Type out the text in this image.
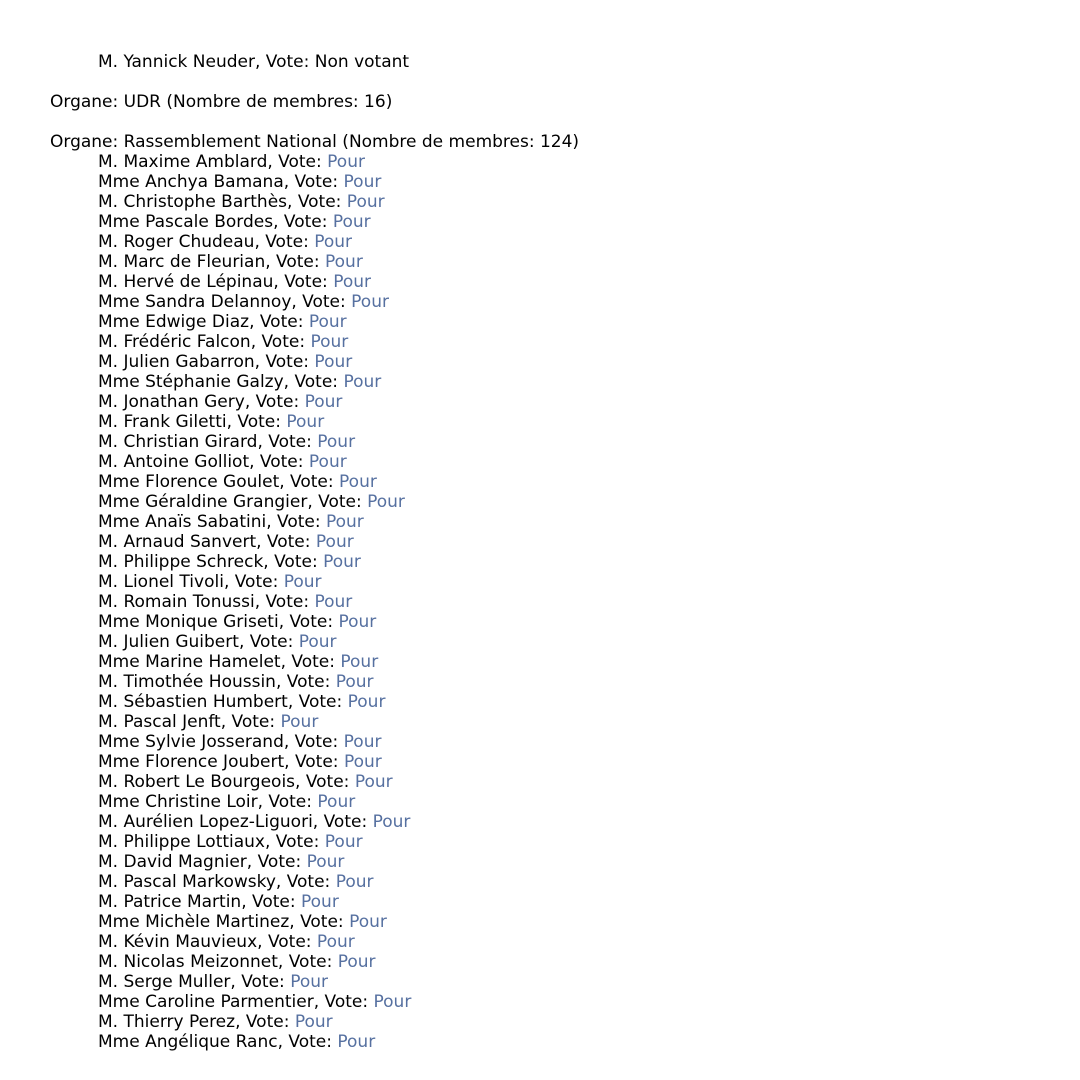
M. Yannick Neuder, Vote: Non votant
Organe: UDR (Nombre de membres: 16)
Organe: Rassemblement National (Nombre de membres: 124)
M. Maxime Amblard, Vote: Pour
Mme Anchya Bamana, Vote: Pour
M. Christophe Barthès, Vote: Pour
Mme Pascale Bordes, Vote: Pour
M. Roger Chudeau, Vote: Pour
M. Marc de Fleurian, Vote: Pour
M. Hervé de Lépinau, Vote: Pour
Mme Sandra Delannoy, Vote: Pour
Mme Edwige Diaz, Vote: Pour
M. Frédéric Falcon, Vote: Pour
M. Julien Gabarron, Vote: Pour
Mme Stéphanie Galzy, Vote: Pour
M. Jonathan Gery, Vote: Pour
M. Frank Giletti, Vote: Pour
M. Christian Girard, Vote: Pour
M. Antoine Golliot, Vote: Pour
Mme Florence Goulet, Vote: Pour
Mme Géraldine Grangier, Vote: Pour
Mme Anaïs Sabatini, Vote: Pour
M. Arnaud Sanvert, Vote: Pour
M. Philippe Schreck, Vote: Pour
M. Lionel Tivoli, Vote: Pour
M. Romain Tonussi, Vote: Pour
Mme Monique Griseti, Vote: Pour
M. Julien Guibert, Vote: Pour
Mme Marine Hamelet, Vote: Pour
M. Timothée Houssin, Vote: Pour
M. Sébastien Humbert, Vote: Pour
M. Pascal Jenft, Vote: Pour
Mme Sylvie Josserand, Vote: Pour
Mme Florence Joubert, Vote: Pour
M. Robert Le Bourgeois, Vote: Pour
Mme Christine Loir, Vote: Pour
M. Aurélien Lopez-Liguori, Vote: Pour
M. Philippe Lottiaux, Vote: Pour
M. David Magnier, Vote: Pour
M. Pascal Markowsky, Vote: Pour
M. Patrice Martin, Vote: Pour
Mme Michèle Martinez, Vote: Pour
M. Kévin Mauvieux, Vote: Pour
M. Nicolas Meizonnet, Vote: Pour
M. Serge Muller, Vote: Pour
Mme Caroline Parmentier, Vote: Pour
M. Thierry Perez, Vote: Pour
Mme Angélique Ranc, Vote: Pour
